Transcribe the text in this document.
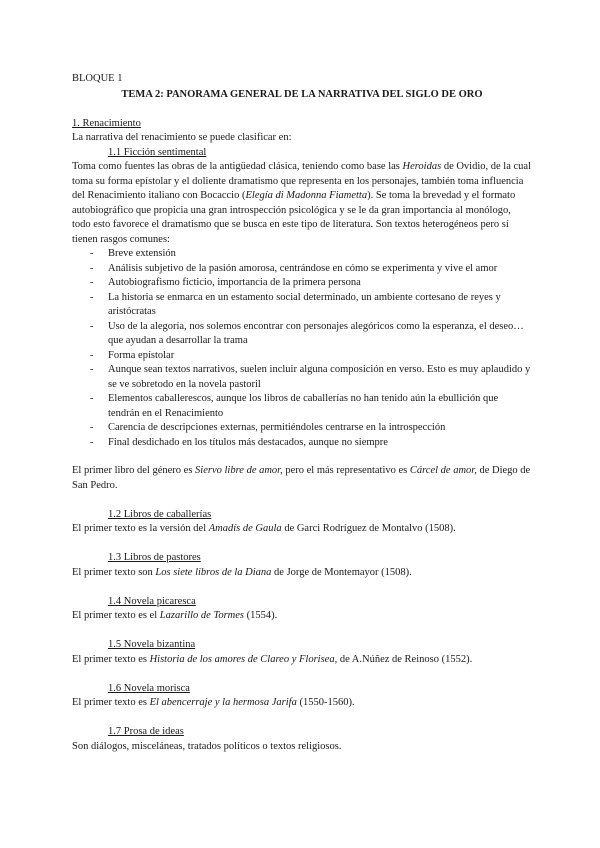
BLOQUE 1

TEMA 2: PANORAMA GENERAL DE LA NARRATIVA DEL SIGLO DE ORO

1. Renacimiento

La narrativa del renacimiento se puede clasificar en:

1.1 Ficción sentimental

Toma como fuentes las obras de la antigüedad clásica, teniendo como base las Heroidas de Ovidio, de la cual toma su forma epístolar y el doliente dramatismo que representa en los personajes, también toma influencia del Renacimiento italiano con Bocaccio (Elegía di Madonna Fiametta). Se toma la brevedad y el formato autobiográfico que propicia una gran introspección psicológica y se le da gran importancia al monólogo, todo esto favorece el dramatismo que se busca en este tipo de literatura. Son textos heterogéneos pero sí tienen rasgos comunes:

- Breve extensión
- Análisis subjetivo de la pasión amorosa, centrándose en cómo se experimenta y vive el amor
- Autobiografismo ficticio, importancia de la primera persona
- La historia se enmarca en un estamento social determinado, un ambiente cortesano de reyes y aristócratas
- Uso de la alegoría, nos solemos encontrar con personajes alegóricos como la esperanza, el deseo… que ayudan a desarrollar la trama
- Forma epístolar
- Aunque sean textos narrativos, suelen incluir alguna composición en verso. Esto es muy aplaudido y se ve sobretodo en la novela pastoril
- Elementos caballerescos, aunque los libros de caballerías no han tenido aún la ebullición que tendrán en el Renacimiento
- Carencia de descripciones externas, permitiéndoles centrarse en la introspección
- Final desdichado en los títulos más destacados, aunque no siempre

El primer libro del género es Siervo libre de amor, pero el más representativo es Cárcel de amor, de Diego de San Pedro.

1.2 Libros de caballerías

El primer texto es la versión del Amadís de Gaula de Garci Rodríguez de Montalvo (1508).

1.3 Libros de pastores

El primer texto son Los siete libros de la Diana de Jorge de Montemayor (1508).

1.4 Novela picaresca

El primer texto es el Lazarillo de Tormes (1554).

1.5 Novela bizantina

El primer texto es Historia de los amores de Clareo y Florisea, de A.Núñez de Reinoso (1552).

1.6 Novela morisca

El primer texto es El abencerraje y la hermosa Jarifa (1550-1560).

1.7 Prosa de ideas

Son diálogos, misceláneas, tratados políticos o textos religiosos.
